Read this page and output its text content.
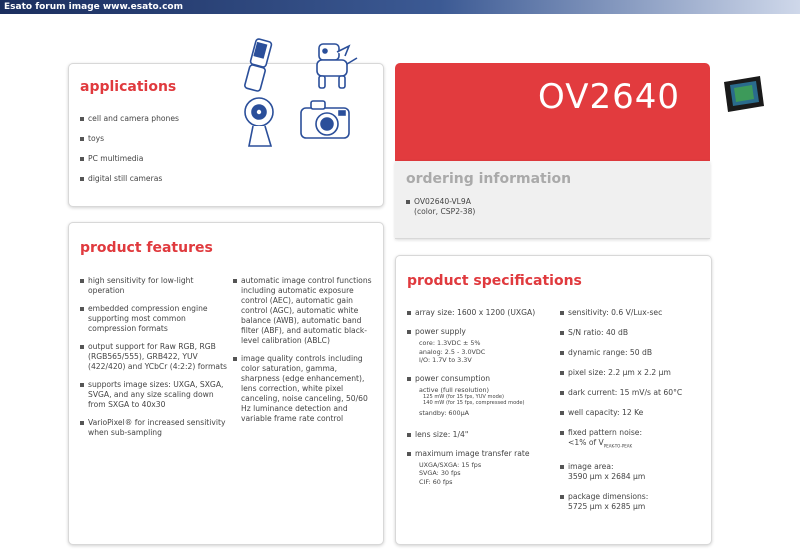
Esato forum image www.esato.com
applications
cell and camera phones
toys
PC multimedia
digital still cameras
OV2640
ordering information
OV02640-VL9A
(color, CSP2-38)
product features
high sensitivity for low-light operation
embedded compression engine supporting most common compression formats
output support for Raw RGB, RGB (RGB565/555), GRB422, YUV (422/420) and YCbCr (4:2:2) formats
supports image sizes: UXGA, SXGA, SVGA, and any size scaling down from SXGA to 40x30
VarioPixel® for increased sensitivity when sub-sampling
automatic image control functions including automatic exposure control (AEC), automatic gain control (AGC), automatic white balance (AWB), automatic band filter (ABF), and automatic black-level calibration (ABLC)
image quality controls including color saturation, gamma, sharpness (edge enhancement), lens correction, white pixel canceling, noise canceling, 50/60 Hz luminance detection and variable frame rate control
product specifications
array size: 1600 x 1200 (UXGA)
power supply
core: 1.3VDC ± 5%
analog: 2.5 - 3.0VDC
I/O: 1.7V to 3.3V
power consumption
active (full resolution)
125 mW (for 15 fps, YUV mode)
140 mW (for 15 fps, compressed mode)
standby: 600μA
lens size: 1/4"
maximum image transfer rate
UXGA/SXGA: 15 fps
SVGA: 30 fps
CIF: 60 fps
sensitivity: 0.6 V/Lux-sec
S/N ratio: 40 dB
dynamic range: 50 dB
pixel size: 2.2 μm x 2.2 μm
dark current: 15 mV/s at 60°C
well capacity: 12 Ke
fixed pattern noise:
<1% of $V_{PEAK-TO-PEAK}$
image area:
3590 μm x 2684 μm
package dimensions:
5725 μm x 6285 μm
